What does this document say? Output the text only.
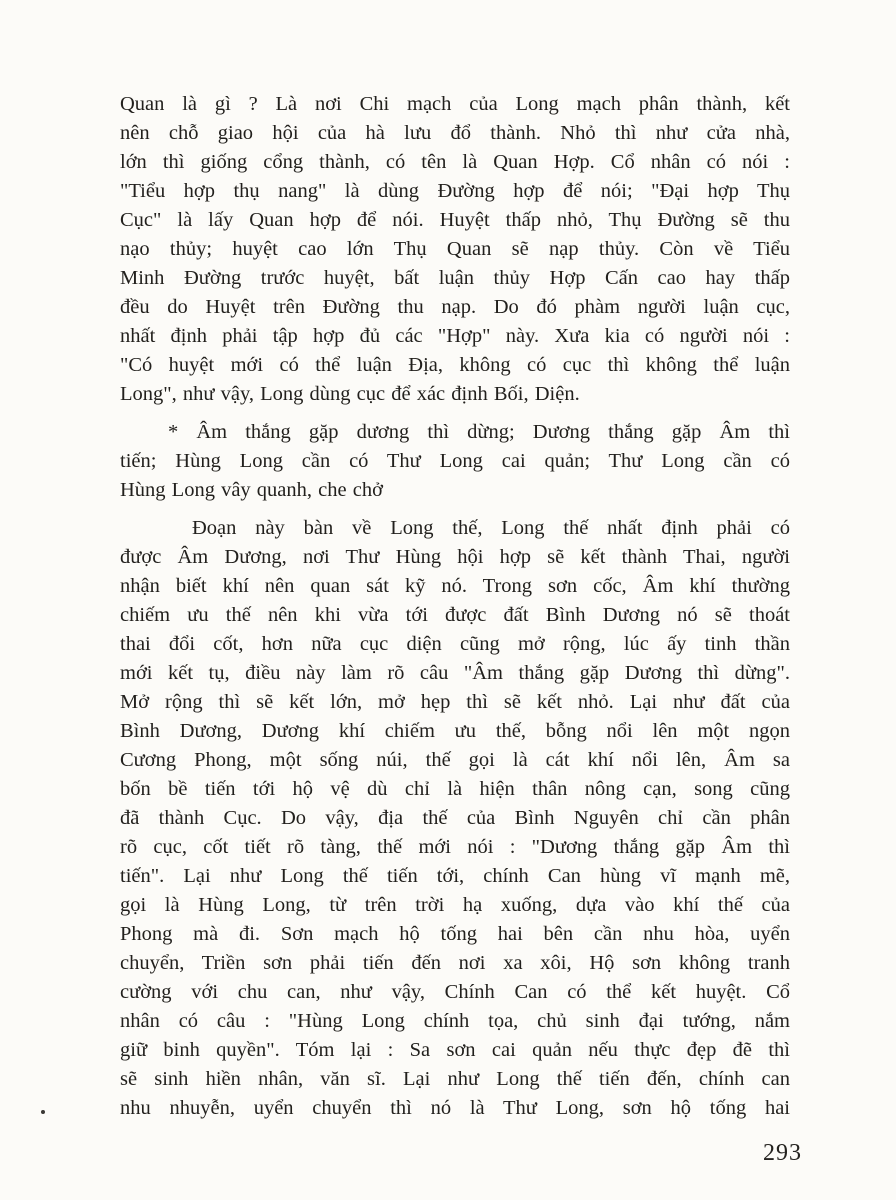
Quan là gì ? Là nơi Chi mạch của Long mạch phân thành, kết
nên chỗ giao hội của hà lưu đổ thành. Nhỏ thì như cửa nhà,
lớn thì giống cổng thành, có tên là Quan Hợp. Cổ nhân có nói :
"Tiểu hợp thụ nang" là dùng Đường hợp để nói; "Đại hợp Thụ
Cục" là lấy Quan hợp để nói. Huyệt thấp nhỏ, Thụ Đường sẽ thu
nạo thủy; huyệt cao lớn Thụ Quan sẽ nạp thủy. Còn về Tiểu
Minh Đường trước huyệt, bất luận thủy Hợp Cấn cao hay thấp
đều do Huyệt trên Đường thu nạp. Do đó phàm người luận cục,
nhất định phải tập hợp đủ các "Hợp" này. Xưa kia có người nói :
"Có huyệt mới có thể luận Địa, không có cục thì không thể luận
Long", như vậy, Long dùng cục để xác định Bối, Diện.
* Âm thắng gặp dương thì dừng; Dương thắng gặp Âm thì
tiến; Hùng Long cần có Thư Long cai quản; Thư Long cần có
Hùng Long vây quanh, che chở
Đoạn này bàn về Long thế, Long thế nhất định phải có
được Âm Dương, nơi Thư Hùng hội hợp sẽ kết thành Thai, người
nhận biết khí nên quan sát kỹ nó. Trong sơn cốc, Âm khí thường
chiếm ưu thế nên khi vừa tới được đất Bình Dương nó sẽ thoát
thai đổi cốt, hơn nữa cục diện cũng mở rộng, lúc ấy tinh thần
mới kết tụ, điều này làm rõ câu "Âm thắng gặp Dương thì dừng".
Mở rộng thì sẽ kết lớn, mở hẹp thì sẽ kết nhỏ. Lại như đất của
Bình Dương, Dương khí chiếm ưu thế, bỗng nổi lên một ngọn
Cương Phong, một sống núi, thế gọi là cát khí nổi lên, Âm sa
bốn bề tiến tới hộ vệ dù chỉ là hiện thân nông cạn, song cũng
đã thành Cục. Do vậy, địa thế của Bình Nguyên chỉ cần phân
rõ cục, cốt tiết rõ tàng, thế mới nói : "Dương thắng gặp Âm thì
tiến". Lại như Long thế tiến tới, chính Can hùng vĩ mạnh mẽ,
gọi là Hùng Long, từ trên trời hạ xuống, dựa vào khí thế của
Phong mà đi. Sơn mạch hộ tống hai bên cần nhu hòa, uyển
chuyển, Triền sơn phải tiến đến nơi xa xôi, Hộ sơn không tranh
cường với chu can, như vậy, Chính Can có thể kết huyệt. Cổ
nhân có câu : "Hùng Long chính tọa, chủ sinh đại tướng, nắm
giữ binh quyền". Tóm lại : Sa sơn cai quản nếu thực đẹp đẽ thì
sẽ sinh hiền nhân, văn sĩ. Lại như Long thế tiến đến, chính can
nhu nhuyễn, uyển chuyển thì nó là Thư Long, sơn hộ tống hai
293
